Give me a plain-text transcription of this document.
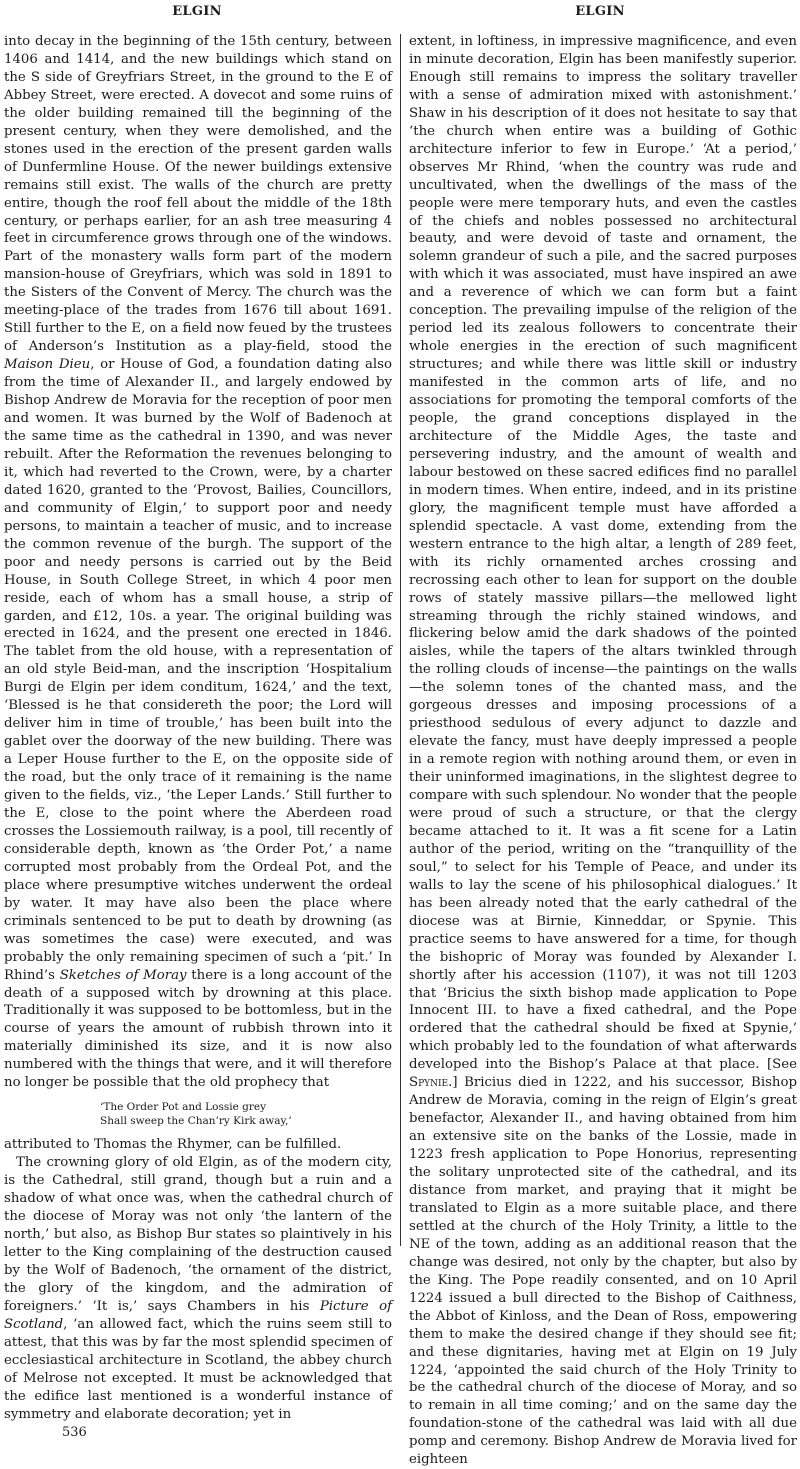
ELGIN	ELGIN

into decay in the beginning of the 15th century, between 1406 and 1414, and the new buildings which stand on the S side of Greyfriars Street, in the ground to the E of Abbey Street, were erected. A dovecot and some ruins of the older building remained till the beginning of the present century, when they were demolished, and the stones used in the erection of the present garden walls of Dunfermline House. Of the newer buildings extensive remains still exist. The walls of the church are pretty entire, though the roof fell about the middle of the 18th century, or perhaps earlier, for an ash tree measuring 4 feet in circumference grows through one of the windows. Part of the monastery walls form part of the modern mansion-house of Greyfriars, which was sold in 1891 to the Sisters of the Convent of Mercy. The church was the meeting-place of the trades from 1676 till about 1691. Still further to the E, on a field now feued by the trustees of Anderson’s Institution as a play-field, stood the Maison Dieu, or House of God, a foundation dating also from the time of Alexander II., and largely endowed by Bishop Andrew de Moravia for the reception of poor men and women. It was burned by the Wolf of Badenoch at the same time as the cathedral in 1390, and was never rebuilt. After the Reformation the revenues belonging to it, which had reverted to the Crown, were, by a charter dated 1620, granted to the ‘Provost, Bailies, Councillors, and community of Elgin,’ to support poor and needy persons, to maintain a teacher of music, and to increase the common revenue of the burgh. The support of the poor and needy persons is carried out by the Beid House, in South College Street, in which 4 poor men reside, each of whom has a small house, a strip of garden, and £12, 10s. a year. The original building was erected in 1624, and the present one erected in 1846. The tablet from the old house, with a representation of an old style Beid-man, and the inscription ‘Hospitalium Burgi de Elgin per idem conditum, 1624,’ and the text, ‘Blessed is he that considereth the poor; the Lord will deliver him in time of trouble,’ has been built into the gablet over the doorway of the new building. There was a Leper House further to the E, on the opposite side of the road, but the only trace of it remaining is the name given to the fields, viz., ‘the Leper Lands.’ Still further to the E, close to the point where the Aberdeen road crosses the Lossiemouth railway, is a pool, till recently of considerable depth, known as ‘the Order Pot,’ a name corrupted most probably from the Ordeal Pot, and the place where presumptive witches underwent the ordeal by water. It may have also been the place where criminals sentenced to be put to death by drowning (as was sometimes the case) were executed, and was probably the only remaining specimen of such a ‘pit.’ In Rhind’s Sketches of Moray there is a long account of the death of a supposed witch by drowning at this place. Traditionally it was supposed to be bottomless, but in the course of years the amount of rubbish thrown into it materially diminished its size, and it is now also numbered with the things that were, and it will therefore no longer be possible that the old prophecy that

‘The Order Pot and Lossie grey
Shall sweep the Chan’ry Kirk away,’

attributed to Thomas the Rhymer, can be fulfilled.

The crowning glory of old Elgin, as of the modern city, is the Cathedral, still grand, though but a ruin and a shadow of what once was, when the cathedral church of the diocese of Moray was not only ‘the lantern of the north,’ but also, as Bishop Bur states so plaintively in his letter to the King complaining of the destruction caused by the Wolf of Badenoch, ‘the ornament of the district, the glory of the kingdom, and the admiration of foreigners.’ ‘It is,’ says Chambers in his Picture of Scotland, ‘an allowed fact, which the ruins seem still to attest, that this was by far the most splendid specimen of ecclesiastical architecture in Scotland, the abbey church of Melrose not excepted. It must be acknowledged that the edifice last mentioned is a wonderful instance of symmetry and elaborate decoration; yet in

536

extent, in loftiness, in impressive magnificence, and even in minute decoration, Elgin has been manifestly superior. Enough still remains to impress the solitary traveller with a sense of admiration mixed with astonishment.’ Shaw in his description of it does not hesitate to say that ‘the church when entire was a building of Gothic architecture inferior to few in Europe.’ ‘At a period,’ observes Mr Rhind, ‘when the country was rude and uncultivated, when the dwellings of the mass of the people were mere temporary huts, and even the castles of the chiefs and nobles possessed no architectural beauty, and were devoid of taste and ornament, the solemn grandeur of such a pile, and the sacred purposes with which it was associated, must have inspired an awe and a reverence of which we can form but a faint conception. The prevailing impulse of the religion of the period led its zealous followers to concentrate their whole energies in the erection of such magnificent structures; and while there was little skill or industry manifested in the common arts of life, and no associations for promoting the temporal comforts of the people, the grand conceptions displayed in the architecture of the Middle Ages, the taste and persevering industry, and the amount of wealth and labour bestowed on these sacred edifices find no parallel in modern times. When entire, indeed, and in its pristine glory, the magnificent temple must have afforded a splendid spectacle. A vast dome, extending from the western entrance to the high altar, a length of 289 feet, with its richly ornamented arches crossing and recrossing each other to lean for support on the double rows of stately massive pillars—the mellowed light streaming through the richly stained windows, and flickering below amid the dark shadows of the pointed aisles, while the tapers of the altars twinkled through the rolling clouds of incense—the paintings on the walls—the solemn tones of the chanted mass, and the gorgeous dresses and imposing processions of a priesthood sedulous of every adjunct to dazzle and elevate the fancy, must have deeply impressed a people in a remote region with nothing around them, or even in their uninformed imaginations, in the slightest degree to compare with such splendour. No wonder that the people were proud of such a structure, or that the clergy became attached to it. It was a fit scene for a Latin author of the period, writing on the “tranquillity of the soul,” to select for his Temple of Peace, and under its walls to lay the scene of his philosophical dialogues.’ It has been already noted that the early cathedral of the diocese was at Birnie, Kinneddar, or Spynie. This practice seems to have answered for a time, for though the bishopric of Moray was founded by Alexander I. shortly after his accession (1107), it was not till 1203 that ‘Bricius the sixth bishop made application to Pope Innocent III. to have a fixed cathedral, and the Pope ordered that the cathedral should be fixed at Spynie,’ which probably led to the foundation of what afterwards developed into the Bishop’s Palace at that place. [See Spynie.] Bricius died in 1222, and his successor, Bishop Andrew de Moravia, coming in the reign of Elgin’s great benefactor, Alexander II., and having obtained from him an extensive site on the banks of the Lossie, made in 1223 fresh application to Pope Honorius, representing the solitary unprotected site of the cathedral, and its distance from market, and praying that it might be translated to Elgin as a more suitable place, and there settled at the church of the Holy Trinity, a little to the NE of the town, adding as an additional reason that the change was desired, not only by the chapter, but also by the King. The Pope readily consented, and on 10 April 1224 issued a bull directed to the Bishop of Caithness, the Abbot of Kinloss, and the Dean of Ross, empowering them to make the desired change if they should see fit; and these dignitaries, having met at Elgin on 19 July 1224, ‘appointed the said church of the Holy Trinity to be the cathedral church of the diocese of Moray, and so to remain in all time coming;’ and on the same day the foundation-stone of the cathedral was laid with all due pomp and ceremony. Bishop Andrew de Moravia lived for eighteen
